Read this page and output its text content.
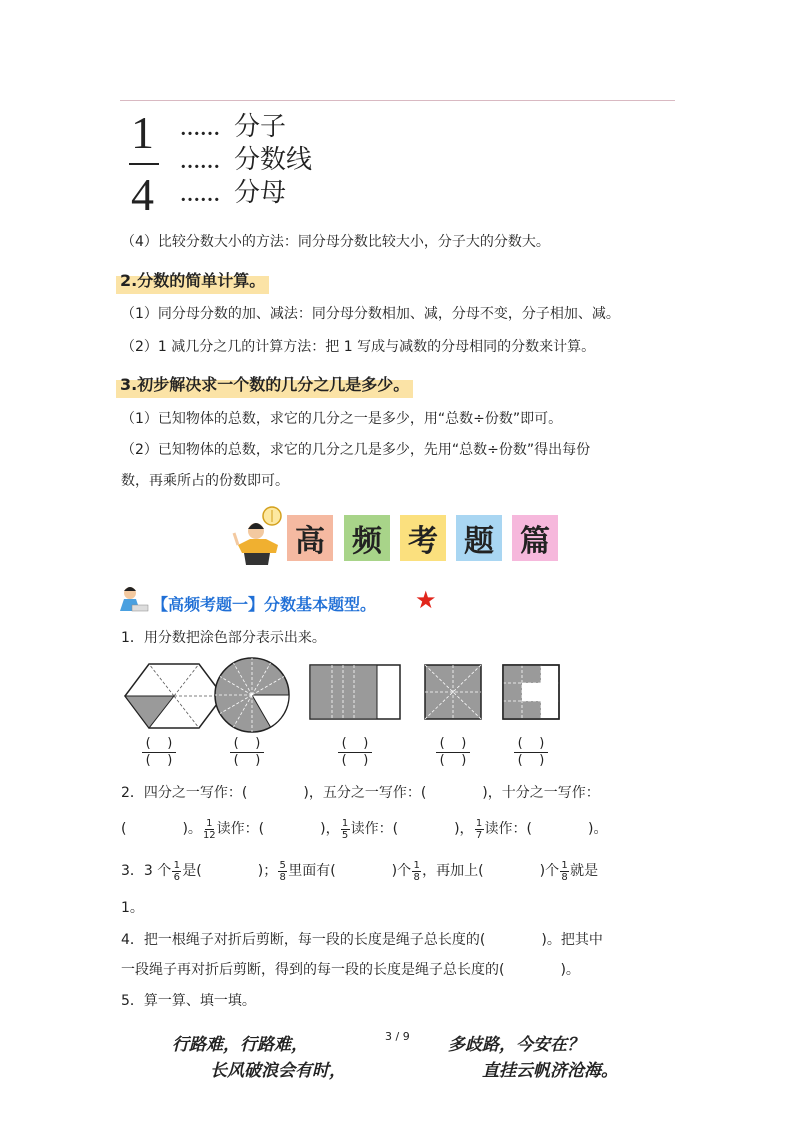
1
4
…… 分子
…… 分数线
…… 分母
（4）比较分数大小的方法：同分母分数比较大小，分子大的分数大。
2.分数的简单计算。
（1）同分母分数的加、减法：同分母分数相加、减，分母不变，分子相加、减。
（2）1 减几分之几的计算方法：把 1 写成与减数的分母相同的分数来计算。
3.初步解决求一个数的几分之几是多少。
（1）已知物体的总数，求它的几分之一是多少，用“总数÷份数”即可。
（2）已知物体的总数，求它的几分之几是多少，先用“总数÷份数”得出每份
数，再乘所占的份数即可。
高 频 考 题 篇
【高频考题一】分数基本题型。 ★
1．用分数把涂色部分表示出来。
( )
( )
( )
( )
( )
( )
( )
( )
( )
( )
2．四分之一写作：(　　　　)，五分之一写作：(　　　　)，十分之一写作：
(　　　　)。 $\frac{1}{12}$ 读作：(　　　　)， $\frac{1}{5}$ 读作：(　　　　)， $\frac{1}{7}$ 读作：(　　　　)。
3．3 个 $\frac{1}{6}$ 是(　　　　)； $\frac{5}{8}$ 里面有(　　　　)个 $\frac{1}{8}$ ，再加上(　　　　)个 $\frac{1}{8}$ 就是
1。
4．把一根绳子对折后剪断，每一段的长度是绳子总长度的(　　　　)。把其中
一段绳子再对折后剪断，得到的每一段的长度是绳子总长度的(　　　　)。
5．算一算、填一填。
行路难，行路难，	3 / 9 多歧路，今安在？
长风破浪会有时，	直挂云帆济沧海。
